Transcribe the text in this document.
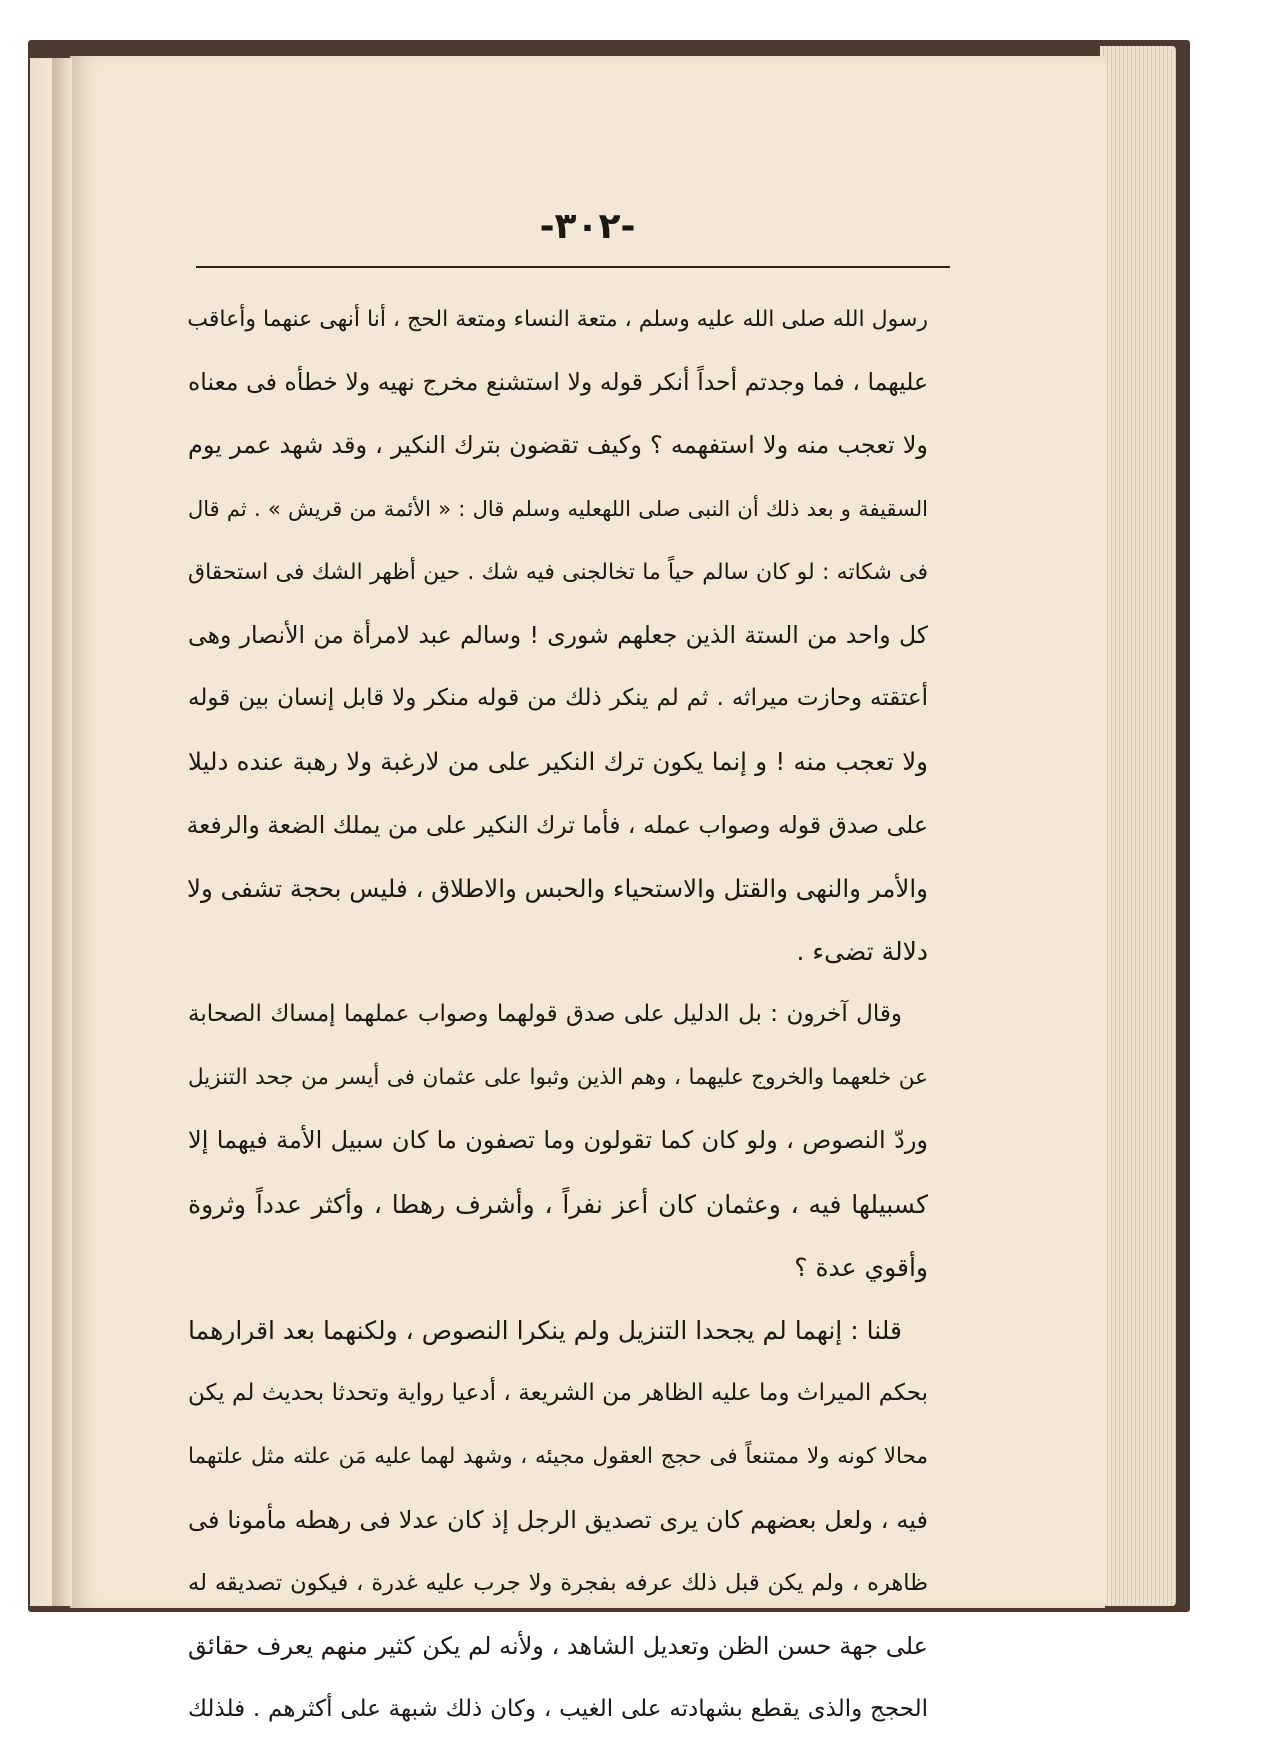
-٣٠٢-
رسول الله صلى الله عليه وسلم ، متعة النساء ومتعة الحج ، أنا أنهى عنهما وأعاقب
عليهما ، فما وجدتم أحداً أنكر قوله ولا استشنع مخرج نهيه ولا خطأه فى معناه
ولا تعجب منه ولا استفهمه ؟ وكيف تقضون بترك النكير ، وقد شهد عمر يوم
السقيفة و بعد ذلك أن النبى صلى اللهعليه وسلم قال : « الأئمة من قريش » . ثم قال
فى شكاته : لو كان سالم حياً ما تخالجنى فيه شك . حين أظهر الشك فى استحقاق
كل واحد من الستة الذين جعلهم شورى ! وسالم عبد لامرأة من الأنصار وهى
أعتقته وحازت ميراثه . ثم لم ينكر ذلك من قوله منكر ولا قابل إنسان بين قوله
ولا تعجب منه ! و إنما يكون ترك النكير على من لارغبة ولا رهبة عنده دليلا
على صدق قوله وصواب عمله ، فأما ترك النكير على من يملك الضعة والرفعة
والأمر والنهى والقتل والاستحياء والحبس والاطلاق ، فليس بحجة تشفى ولا
دلالة تضىء .
وقال آخرون : بل الدليل على صدق قولهما وصواب عملهما إمساك الصحابة
عن خلعهما والخروج عليهما ، وهم الذين وثبوا على عثمان فى أيسر من جحد التنزيل
وردّ النصوص ، ولو كان كما تقولون وما تصفون ما كان سبيل الأمة فيهما إلا
كسبيلها فيه ، وعثمان كان أعز نفراً ، وأشرف رهطا ، وأكثر عدداً وثروة
وأقوي عدة ؟
قلنا : إنهما لم يجحدا التنزيل ولم ينكرا النصوص ، ولكنهما بعد اقرارهما
بحكم الميراث وما عليه الظاهر من الشريعة ، أدعيا رواية وتحدثا بحديث لم يكن
محالا كونه ولا ممتنعاً فى حجج العقول مجيئه ، وشهد لهما عليه مَن علته مثل علتهما
فيه ، ولعل بعضهم كان يرى تصديق الرجل إذ كان عدلا فى رهطه مأمونا فى
ظاهره ، ولم يكن قبل ذلك عرفه بفجرة ولا جرب عليه غدرة ، فيكون تصديقه له
على جهة حسن الظن وتعديل الشاهد ، ولأنه لم يكن كثير منهم يعرف حقائق
الحجج والذى يقطع بشهادته على الغيب ، وكان ذلك شبهة على أكثرهم . فلذلك
